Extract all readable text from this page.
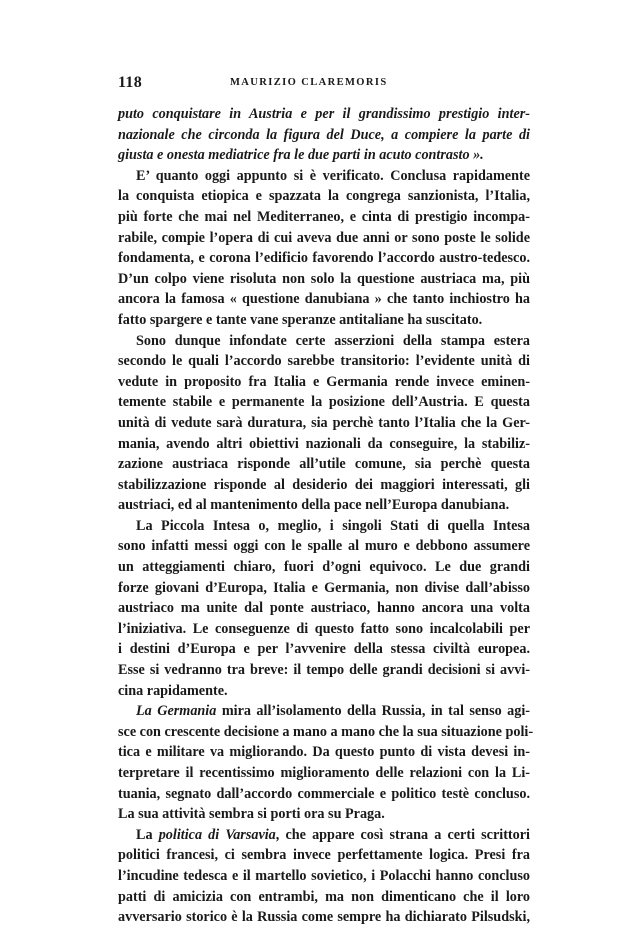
118	MAURIZIO CLAREMORIS
puto conquistare in Austria e per il grandissimo prestigio inter-
nazionale che circonda la figura del Duce, a compiere la parte di
giusta e onesta mediatrice fra le due parti in acuto contrasto ».
E’ quanto oggi appunto si è verificato. Conclusa rapidamente
la conquista etiopica e spazzata la congrega sanzionista, l’Italia,
più forte che mai nel Mediterraneo, e cinta di prestigio incompa-
rabile, compie l’opera di cui aveva due anni or sono poste le solide
fondamenta, e corona l’edificio favorendo l’accordo austro-tedesco.
D’un colpo viene risoluta non solo la questione austriaca ma, più
ancora la famosa « questione danubiana » che tanto inchiostro ha
fatto spargere e tante vane speranze antitaliane ha suscitato.
Sono dunque infondate certe asserzioni della stampa estera
secondo le quali l’accordo sarebbe transitorio: l’evidente unità di
vedute in proposito fra Italia e Germania rende invece eminen-
temente stabile e permanente la posizione dell’Austria. E questa
unità di vedute sarà duratura, sia perchè tanto l’Italia che la Ger-
mania, avendo altri obiettivi nazionali da conseguire, la stabiliz-
zazione austriaca risponde all’utile comune, sia perchè questa
stabilizzazione risponde al desiderio dei maggiori interessati, gli
austriaci, ed al mantenimento della pace nell’Europa danubiana.
La Piccola Intesa o, meglio, i singoli Stati di quella Intesa
sono infatti messi oggi con le spalle al muro e debbono assumere
un atteggiamenti chiaro, fuori d’ogni equivoco. Le due grandi
forze giovani d’Europa, Italia e Germania, non divise dall’abisso
austriaco ma unite dal ponte austriaco, hanno ancora una volta
l’iniziativa. Le conseguenze di questo fatto sono incalcolabili per
i destini d’Europa e per l’avvenire della stessa civiltà europea.
Esse si vedranno tra breve: il tempo delle grandi decisioni si avvi-
cina rapidamente.
La Germania mira all’isolamento della Russia, in tal senso agi-
sce con crescente decisione a mano a mano che la sua situazione poli-
tica e militare va migliorando. Da questo punto di vista devesi in-
terpretare il recentissimo miglioramento delle relazioni con la Li-
tuania, segnato dall’accordo commerciale e politico testè concluso.
La sua attività sembra si porti ora su Praga.
La politica di Varsavia, che appare così strana a certi scrittori
politici francesi, ci sembra invece perfettamente logica. Presi fra
l’incudine tedesca e il martello sovietico, i Polacchi hanno concluso
patti di amicizia con entrambi, ma non dimenticano che il loro
avversario storico è la Russia come sempre ha dichiarato Pilsudski,
